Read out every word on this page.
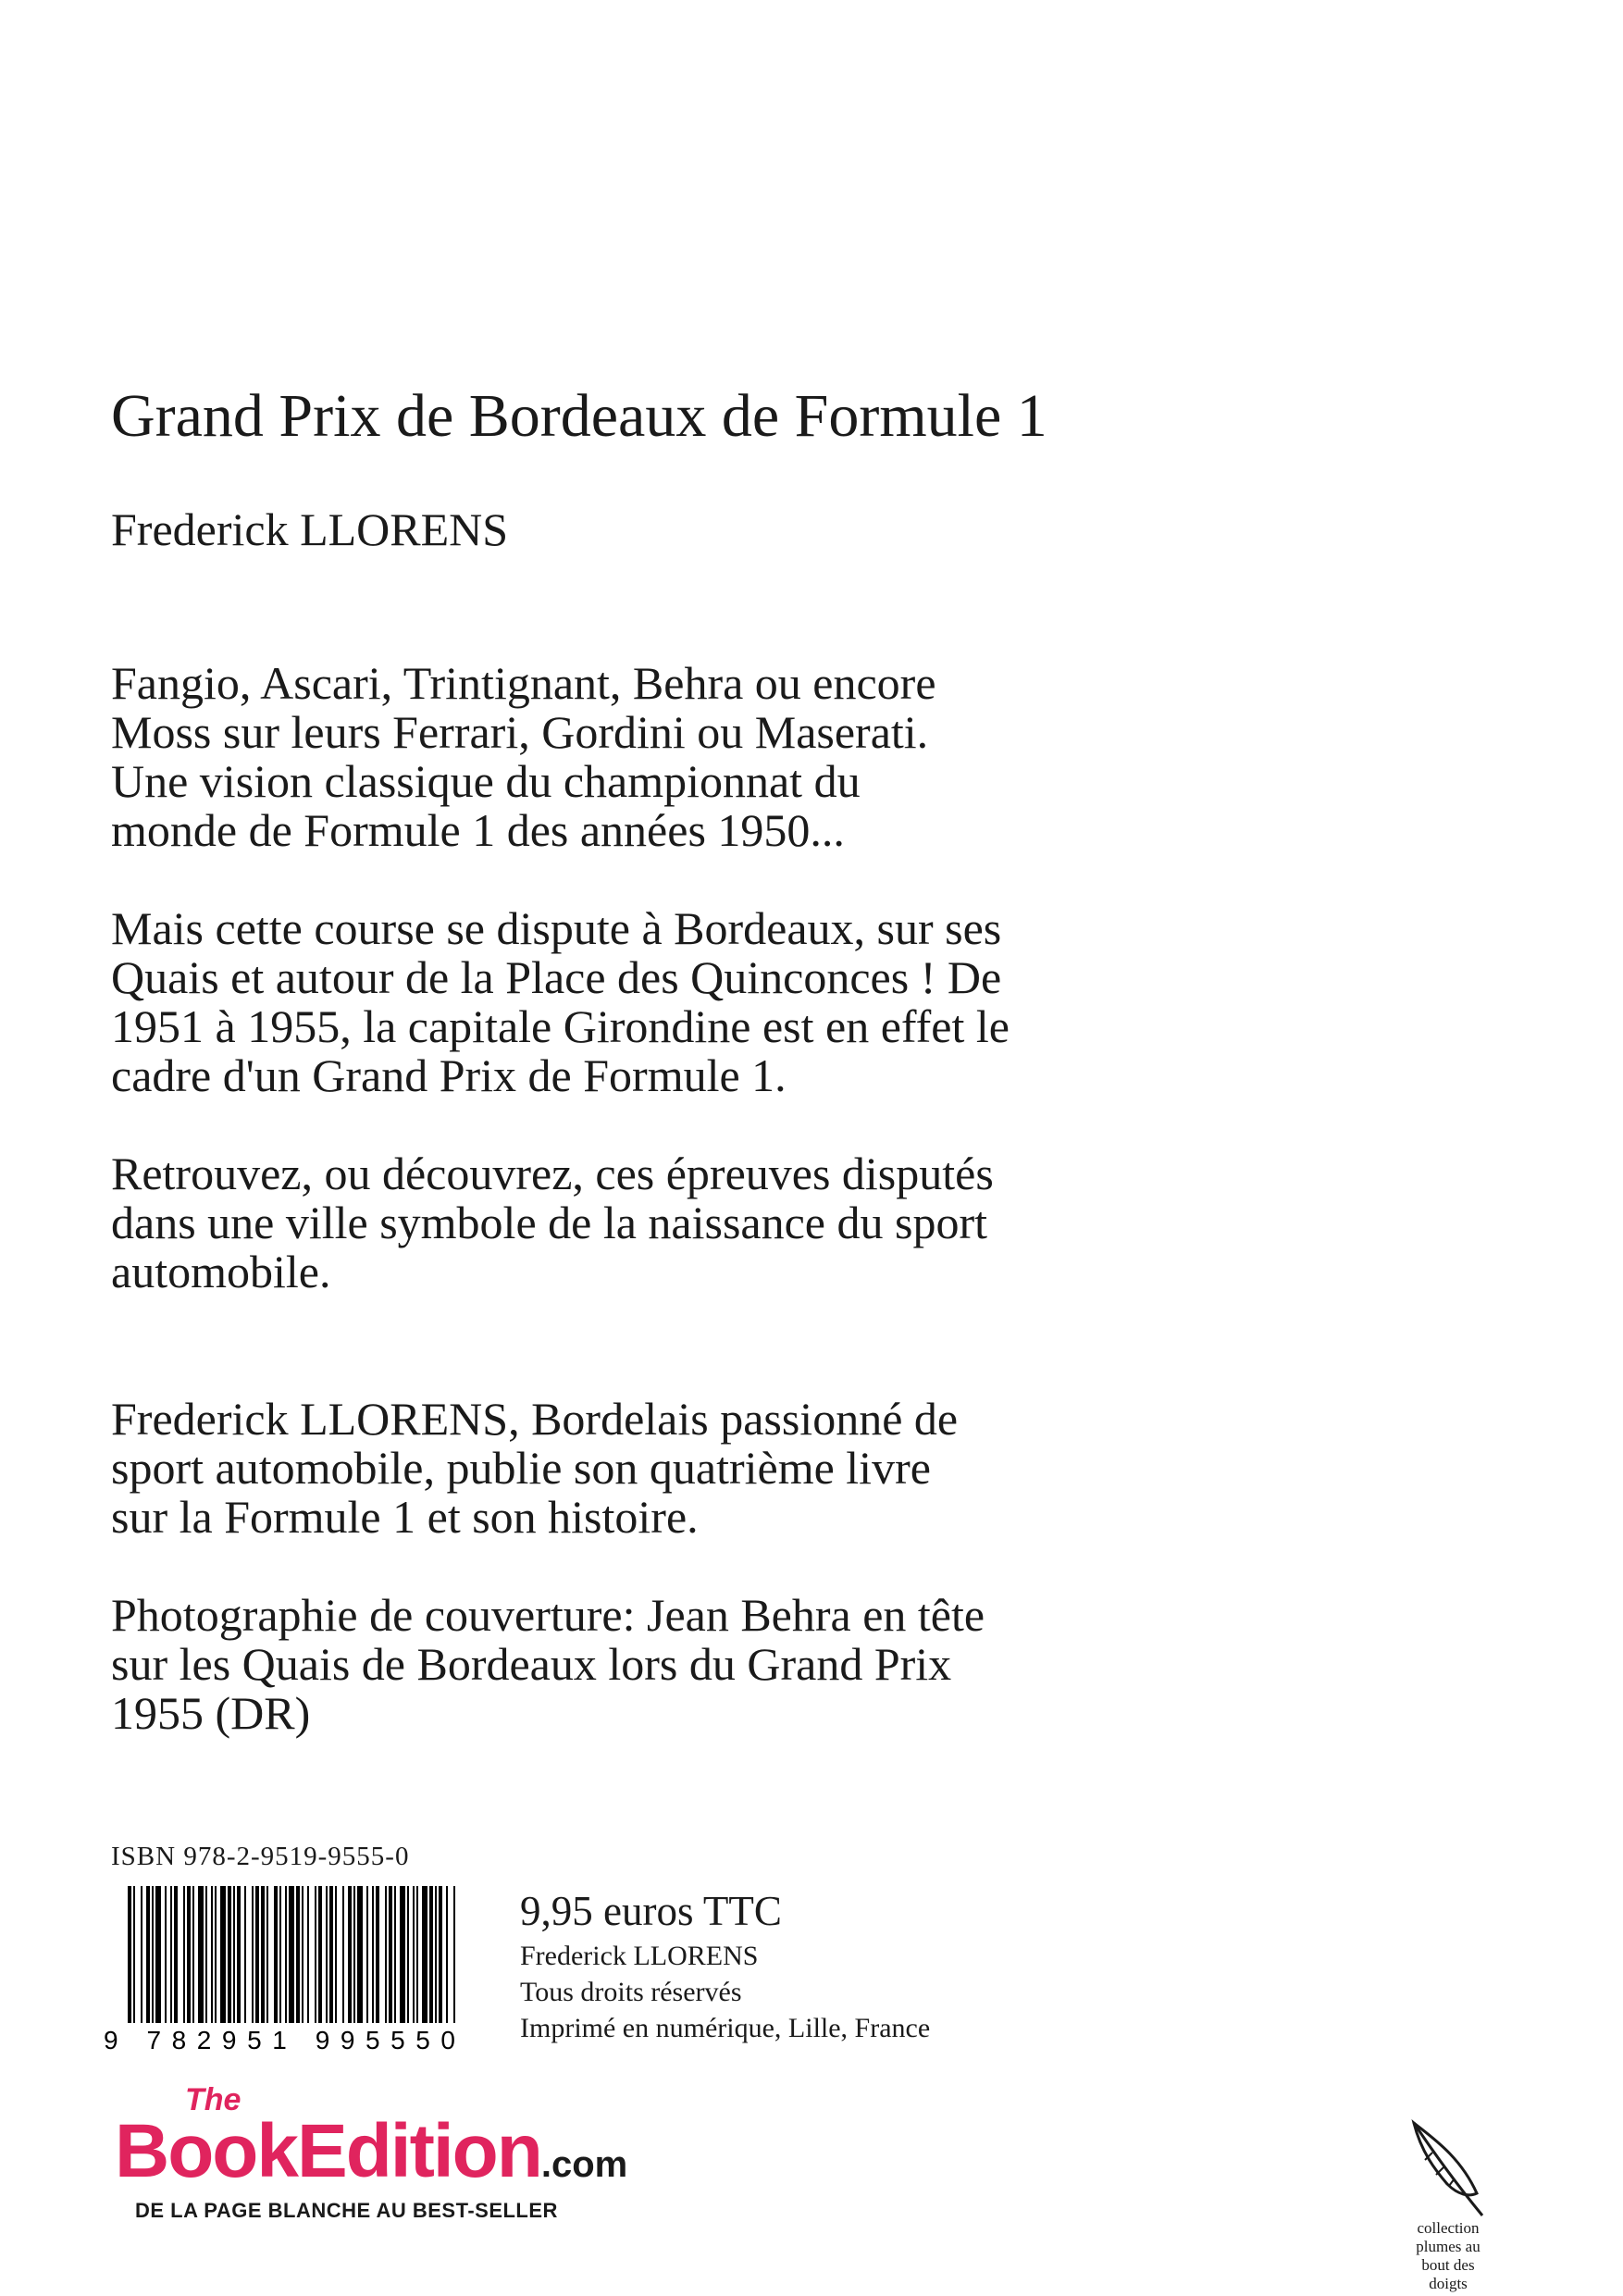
Grand Prix de Bordeaux de Formule 1
Frederick LLORENS

Fangio, Ascari, Trintignant, Behra ou encore
Moss sur leurs Ferrari, Gordini ou Maserati.
Une vision classique du championnat du
monde de Formule 1 des années 1950...

Mais cette course se dispute à Bordeaux, sur ses
Quais et autour de la Place des Quinconces ! De
1951 à 1955, la capitale Girondine est en effet le
cadre d'un Grand Prix de Formule 1.

Retrouvez, ou découvrez, ces épreuves disputés
dans une ville symbole de la naissance du sport
automobile.

Frederick LLORENS, Bordelais passionné de
sport automobile, publie son quatrième livre
sur la Formule 1 et son histoire.

Photographie de couverture: Jean Behra en tête
sur les Quais de Bordeaux lors du Grand Prix
1955 (DR)

ISBN 978-2-9519-9555-0
9 782951 995550
9,95 euros TTC
Frederick LLORENS
Tous droits réservés
Imprimé en numérique, Lille, France
The
BookEdition.com
DE LA PAGE BLANCHE AU BEST-SELLER
collection
plumes au
bout des
doigts
